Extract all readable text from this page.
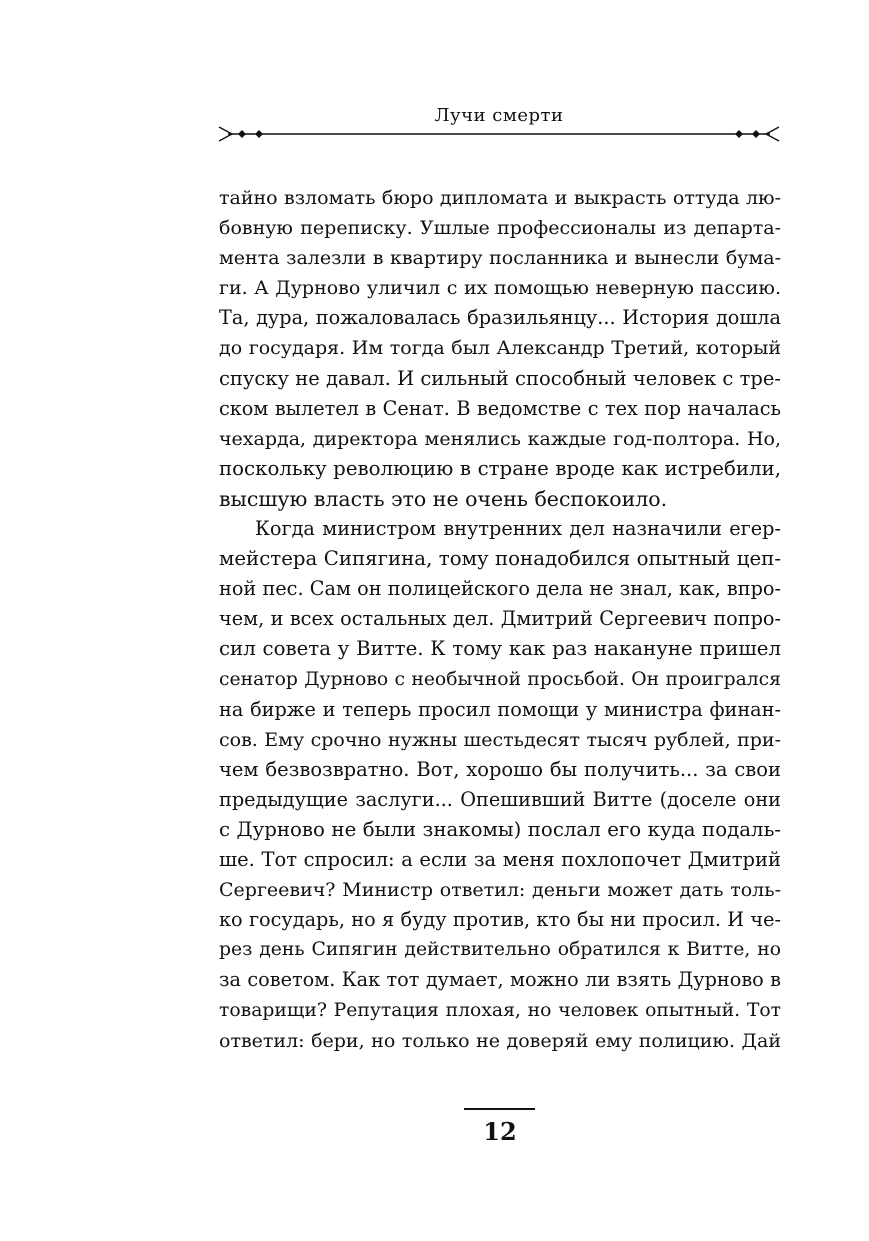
Лучи смерти
тайно взломать бюро дипломата и выкрасть оттуда лю-
бовную переписку. Ушлые профессионалы из департа-
мента залезли в квартиру посланника и вынесли бума-
ги. А Дурново уличил с их помощью неверную пассию.
Та, дура, пожаловалась бразильянцу... История дошла
до государя. Им тогда был Александр Третий, который
спуску не давал. И сильный способный человек с тре-
ском вылетел в Сенат. В ведомстве с тех пор началась
чехарда, директора менялись каждые год-полтора. Но,
поскольку революцию в стране вроде как истребили,
высшую власть это не очень беспокоило.
Когда министром внутренних дел назначили егер-
мейстера Сипягина, тому понадобился опытный цеп-
ной пес. Сам он полицейского дела не знал, как, впро-
чем, и всех остальных дел. Дмитрий Сергеевич попро-
сил совета у Витте. К тому как раз накануне пришел
сенатор Дурново с необычной просьбой. Он проигрался
на бирже и теперь просил помощи у министра финан-
сов. Ему срочно нужны шестьдесят тысяч рублей, при-
чем безвозвратно. Вот, хорошо бы получить... за свои
предыдущие заслуги... Опешивший Витте (доселе они
с Дурново не были знакомы) послал его куда подаль-
ше. Тот спросил: а если за меня похлопочет Дмитрий
Сергеевич? Министр ответил: деньги может дать толь-
ко государь, но я буду против, кто бы ни просил. И че-
рез день Сипягин действительно обратился к Витте, но
за советом. Как тот думает, можно ли взять Дурново в
товарищи? Репутация плохая, но человек опытный. Тот
ответил: бери, но только не доверяй ему полицию. Дай
12
